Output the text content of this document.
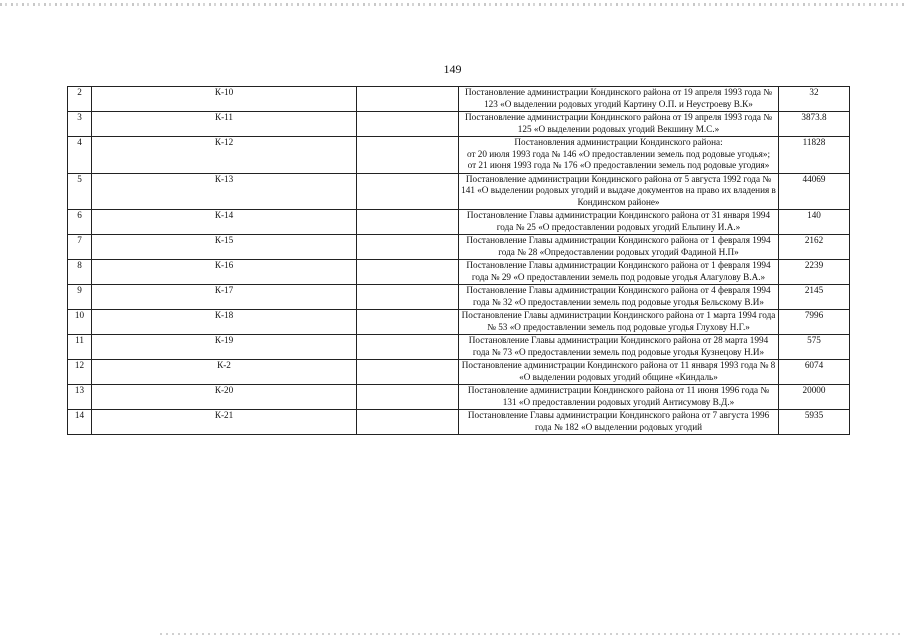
149
2	К-10		Постановление администрации Кондинского района от 19 апреля 1993 года № 123 «О выделении родовых угодий Картину О.П. и Неустроеву В.К»	32
3	К-11		Постановление администрации Кондинского района от 19 апреля 1993 года № 125 «О выделении родовых угодий Векшину М.С.»	3873.8
4	К-12		Постановления администрации Кондинского района:
от 20 июля 1993 года № 146 «О предоставлении земель под родовые угодья»;
от 21 июня 1993 года № 176 «О предоставлении земель под родовые угодия»	11828
5	К-13		Постановление администрации Кондинского района от 5 августа 1992 года № 141 «О выделении родовых угодий и выдаче документов на право их владения в Кондинском районе»	44069
6	К-14		Постановление Главы администрации Кондинского района от 31 января 1994 года № 25 «О предоставлении родовых угодий Ельпину И.А.»	140
7	К-15		Постановление Главы администрации Кондинского района от 1 февраля 1994 года № 28 «Опредоставлении родовых угодий Фадиной Н.П»	2162
8	К-16		Постановление Главы администрации Кондинского района от 1 февраля 1994 года № 29 «О предоставлении земель под родовые угодья Алагулову В.А.»	2239
9	К-17		Постановление Главы администрации Кондинского района от 4 февраля 1994 года № 32 «О предоставлении земель под родовые угодья Бельскому В.И»	2145
10	К-18		Постановление Главы администрации Кондинского района от 1 марта 1994 года № 53 «О предоставлении земель под родовые угодья Глухову Н.Г.»	7996
11	К-19		Постановление Главы администрации Кондинского района от 28 марта 1994 года № 73 «О предоставлении земель под родовые угодья Кузнецову Н.И»	575
12	К-2		Постановление администрации Кондинского района от 11 января 1993 года № 8 «О выделении родовых угодий общине «Киндаль»	6074
13	К-20		Постановление администрации Кондинского района от 11 июня 1996 года № 131 «О предоставлении родовых угодий Антисумову В.Д.»	20000
14	К-21		Постановление Главы администрации Кондинского района от 7 августа 1996 года № 182 «О выделении родовых угодий	5935
